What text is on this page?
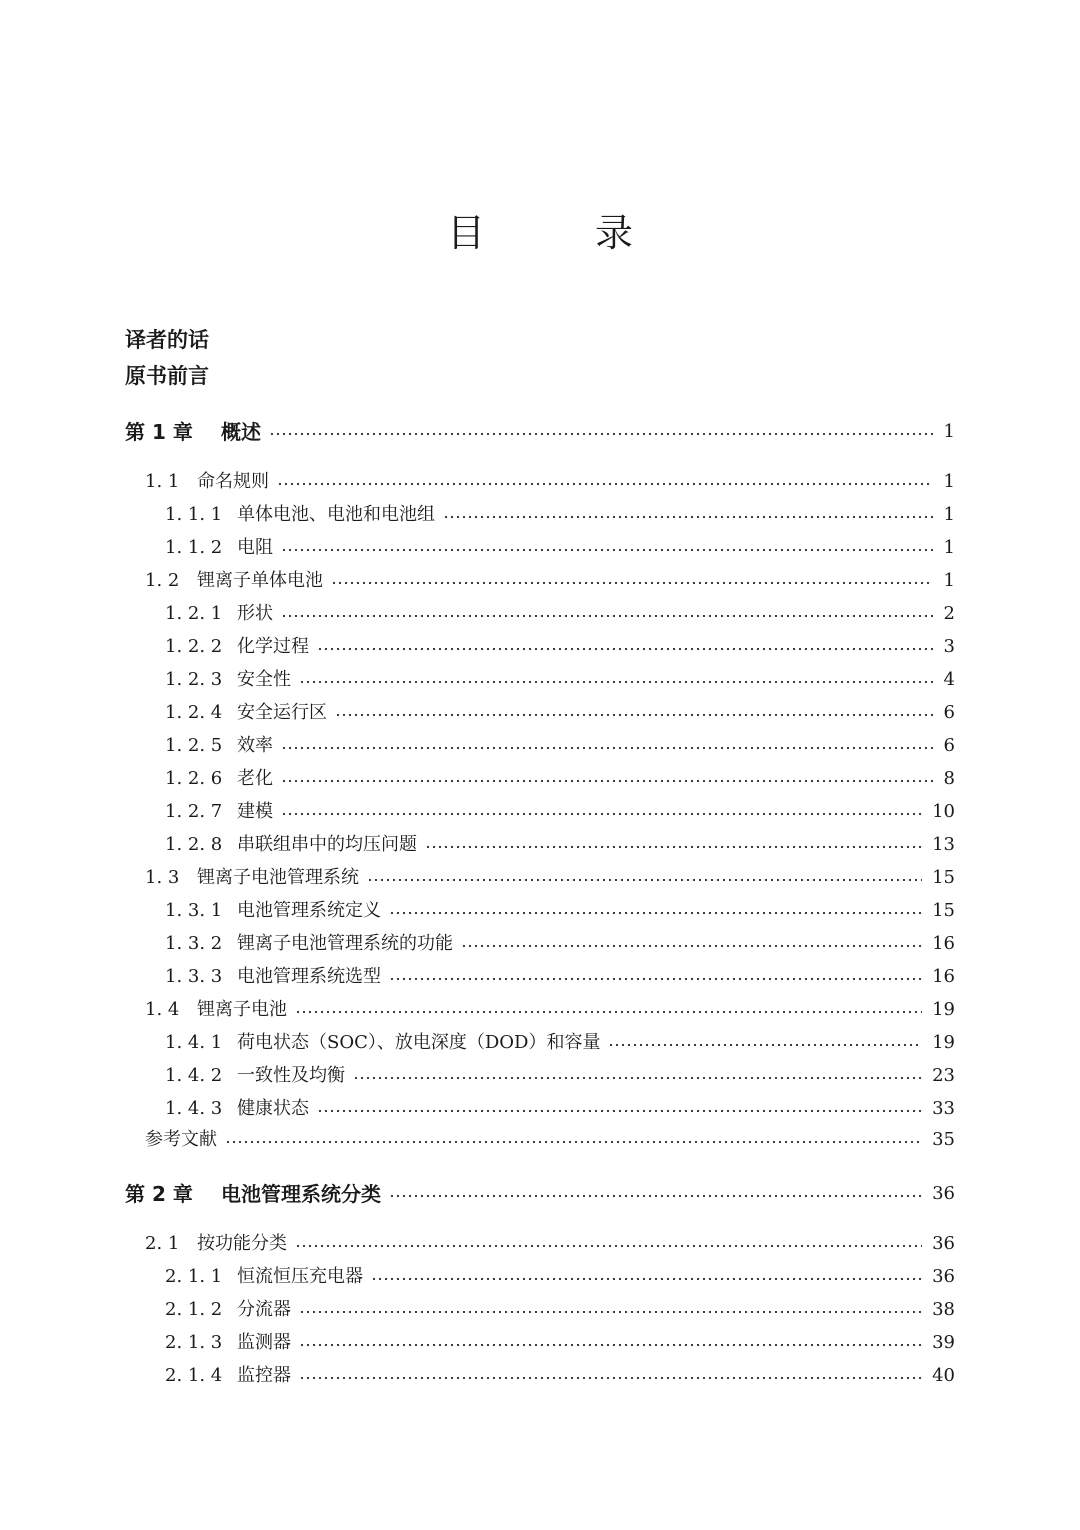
目	录
译者的话
原书前言
第 1 章	概述	1
1. 1 命名规则	1
1. 1. 1 单体电池、电池和电池组	1
1. 1. 2 电阻	1
1. 2 锂离子单体电池	1
1. 2. 1 形状	2
1. 2. 2 化学过程	3
1. 2. 3 安全性	4
1. 2. 4 安全运行区	6
1. 2. 5 效率	6
1. 2. 6 老化	8
1. 2. 7 建模	10
1. 2. 8 串联组串中的均压问题	13
1. 3 锂离子电池管理系统	15
1. 3. 1 电池管理系统定义	15
1. 3. 2 锂离子电池管理系统的功能	16
1. 3. 3 电池管理系统选型	16
1. 4 锂离子电池	19
1. 4. 1 荷电状态（SOC）、放电深度（DOD）和容量	19
1. 4. 2 一致性及均衡	23
1. 4. 3 健康状态	33
参考文献	35
第 2 章	电池管理系统分类	36
2. 1 按功能分类	36
2. 1. 1 恒流恒压充电器	36
2. 1. 2 分流器	38
2. 1. 3 监测器	39
2. 1. 4 监控器	40
